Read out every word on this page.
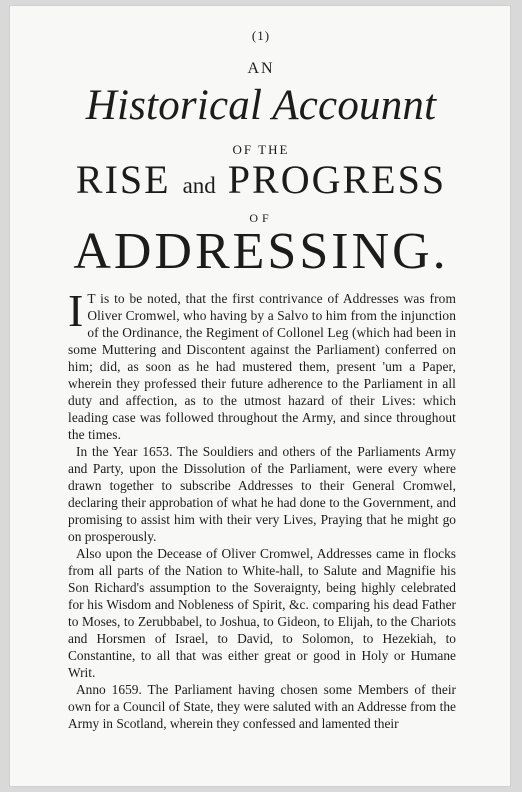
(1)
AN
Historical Accounnt
OF THE
RISE and PROGRESS
OF
ADDRESSING.

I T is to be noted, that the first contrivance of Addresses was from Oliver Cromwel, who having by a Salvo to him from the injunction of the Ordinance, the Regiment of Collonel Leg (which had been in some Muttering and Discontent against the Parliament) conferred on him; did, as soon as he had mustered them, present 'um a Paper, wherein they professed their future adherence to the Parliament in all duty and affection, as to the utmost hazard of their Lives: which leading case was followed throughout the Army, and since throughout the times.

In the Year 1653. The Souldiers and others of the Parliaments Army and Party, upon the Dissolution of the Parliament, were every where drawn together to subscribe Addresses to their General Cromwel, declaring their approbation of what he had done to the Government, and promising to assist him with their very Lives, Praying that he might go on prosperously.

Also upon the Decease of Oliver Cromwel, Addresses came in flocks from all parts of the Nation to White-hall, to Salute and Magnifie his Son Richard's assumption to the Soveraignty, being highly celebrated for his Wisdom and Nobleness of Spirit, &c. comparing his dead Father to Moses, to Zerubbabel, to Joshua, to Gideon, to Elijah, to the Chariots and Horsmen of Israel, to David, to Solomon, to Hezekiah, to Constantine, to all that was either great or good in Holy or Humane Writ.

Anno 1659. The Parliament having chosen some Members of their own for a Council of State, they were saluted with an Addresse from the Army in Scotland, wherein they confessed and lamented their
